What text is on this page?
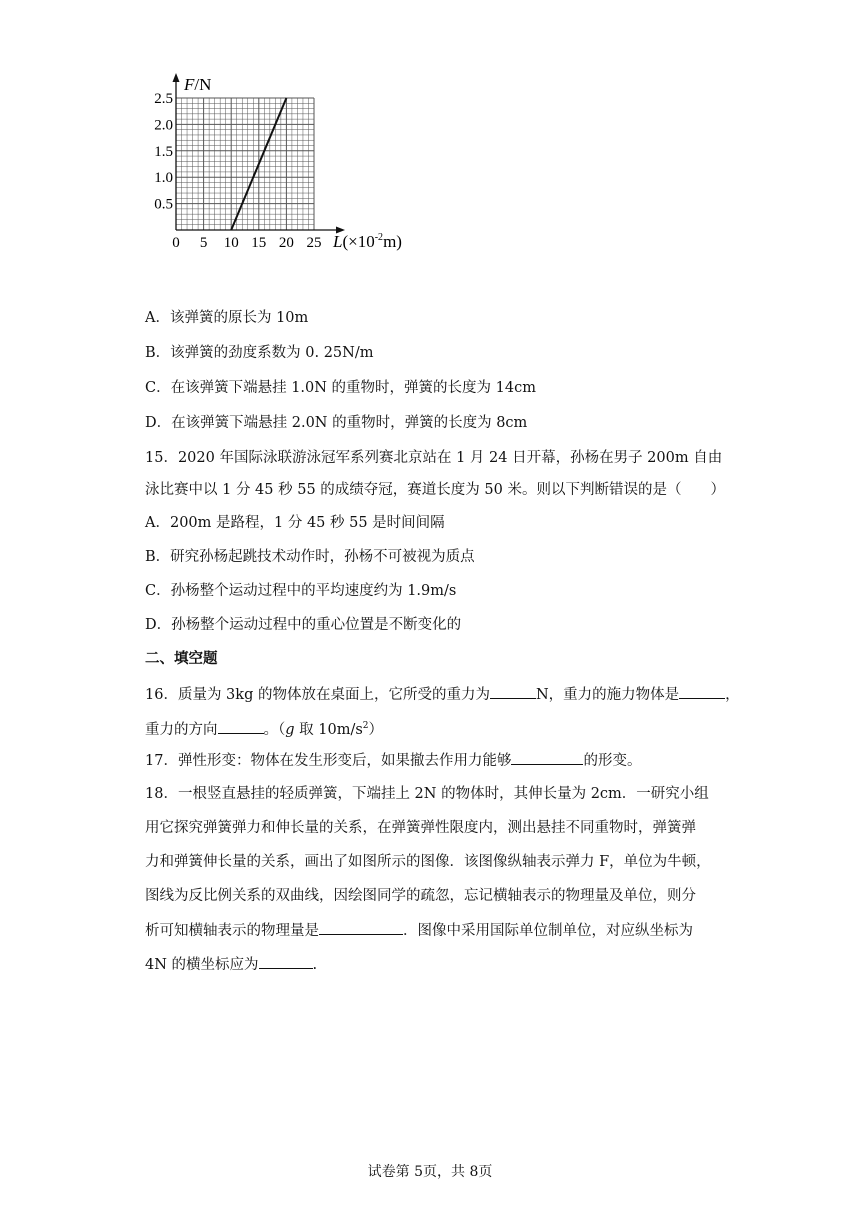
0.5
1.0
1.5
2.0
2.5
0 5 10 15 20 25
F/N
$L(\times 10^{-2}m)$
A．该弹簧的原长为 10m
B．该弹簧的劲度系数为 0. 25N/m
C．在该弹簧下端悬挂 1.0N 的重物时，弹簧的长度为 14cm
D．在该弹簧下端悬挂 2.0N 的重物时，弹簧的长度为 8cm
15．2020 年国际泳联游泳冠军系列赛北京站在 1 月 24 日开幕，孙杨在男子 200m 自由
泳比赛中以 1 分 45 秒 55 的成绩夺冠，赛道长度为 50 米。则以下判断错误的是（　　）
A．200m 是路程，1 分 45 秒 55 是时间间隔
B．研究孙杨起跳技术动作时，孙杨不可被视为质点
C．孙杨整个运动过程中的平均速度约为 1.9m/s
D．孙杨整个运动过程中的重心位置是不断变化的
二、填空题
16．质量为 3kg 的物体放在桌面上，它所受的重力为	N，重力的施力物体是	，
重力的方向	。（g 取 $10m/s^2$）
17．弹性形变：物体在发生形变后，如果撤去作用力能够	的形变。
18．一根竖直悬挂的轻质弹簧，下端挂上 2N 的物体时，其伸长量为 2cm．一研究小组
用它探究弹簧弹力和伸长量的关系，在弹簧弹性限度内，测出悬挂不同重物时，弹簧弹
力和弹簧伸长量的关系，画出了如图所示的图像．该图像纵轴表示弹力 F，单位为牛顿，
图线为反比例关系的双曲线，因绘图同学的疏忽，忘记横轴表示的物理量及单位，则分
析可知横轴表示的物理量是	．图像中采用国际单位制单位，对应纵坐标为
4N 的横坐标应为	.
试卷第 5页，共 8页
